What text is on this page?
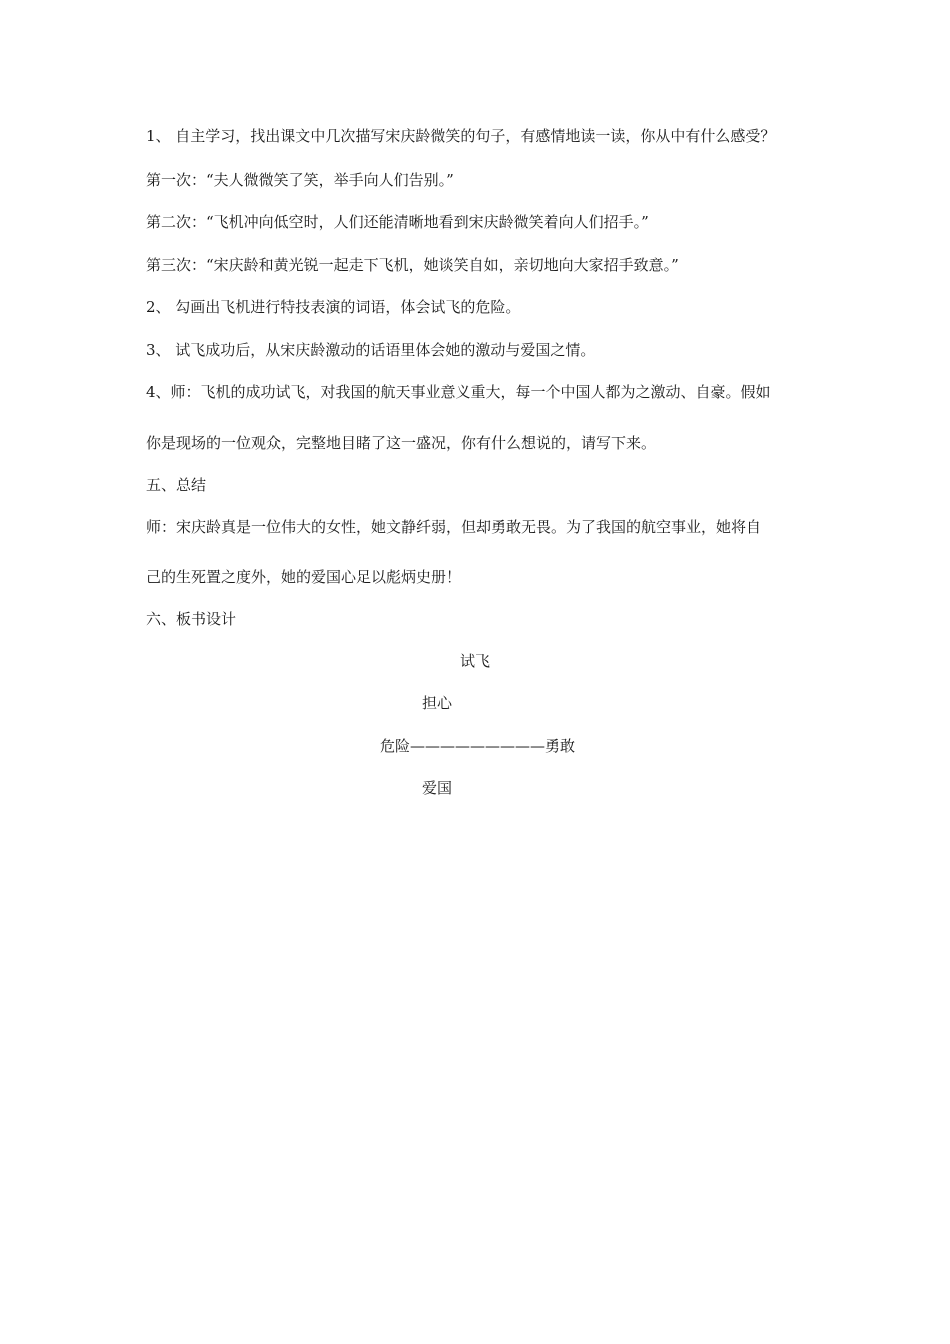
1、 自主学习，找出课文中几次描写宋庆龄微笑的句子，有感情地读一读，你从中有什么感受？
第一次：“夫人微微笑了笑，举手向人们告别。”
第二次：“飞机冲向低空时，人们还能清晰地看到宋庆龄微笑着向人们招手。”
第三次：“宋庆龄和黄光锐一起走下飞机，她谈笑自如，亲切地向大家招手致意。”
2、 勾画出飞机进行特技表演的词语，体会试飞的危险。
3、 试飞成功后，从宋庆龄激动的话语里体会她的激动与爱国之情。
4、师：飞机的成功试飞，对我国的航天事业意义重大，每一个中国人都为之激动、自豪。假如
你是现场的一位观众，完整地目睹了这一盛况，你有什么想说的，请写下来。
五、总结
师：宋庆龄真是一位伟大的女性，她文静纤弱，但却勇敢无畏。为了我国的航空事业，她将自
己的生死置之度外，她的爱国心足以彪炳史册！
六、板书设计
试飞
担心
危险—————————勇敢
爱国
